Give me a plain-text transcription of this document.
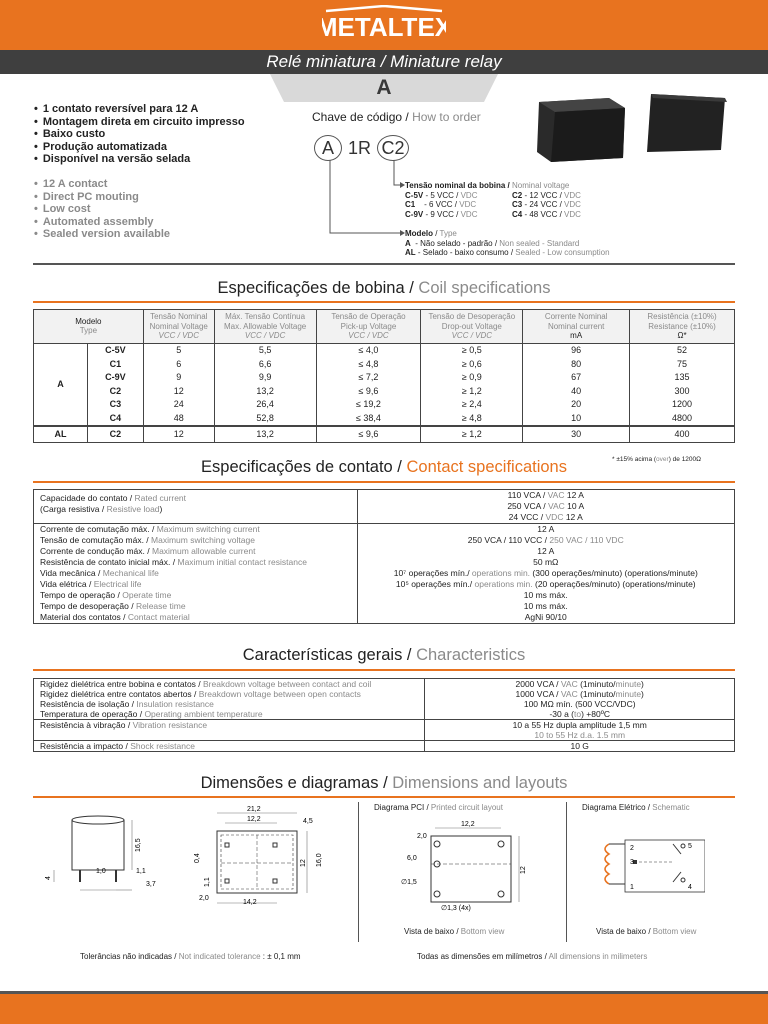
METALTEX
Relé miniatura / Miniature relay
A
• 1 contato reversível para 12 A
• Montagem direta em circuito impresso
• Baixo custo
• Produção automatizada
• Disponível na versão selada
• 12 A contact
• Direct PC mouting
• Low cost
• Automated assembly
• Sealed version available
Chave de código / How to order
A 1R C2
Tensão nominal da bobina / Nominal voltage
C-5V - 5 VCC / VDC	C2 - 12 VCC / VDC
C1    - 6 VCC / VDC	C3 - 24 VCC / VDC
C-9V - 9 VCC / VDC	C4 - 48 VCC / VDC
Modelo / Type
A  - Não selado - padrão / Non sealed - Standard
AL - Selado - baixo consumo / Sealed - Low consumption
Especificações de bobina / Coil specifications
Modelo
Type		Tensão Nominal
Nominal Voltage
VCC / VDC	Máx. Tensão Contínua
Max. Allowable Voltage
VCC / VDC	Tensão de Operação
Pick-up Voltage
VCC / VDC	Tensão de Desoperação
Drop-out Voltage
VCC / VDC	Corrente Nominal
Nominal current
mA	Resistência (±10%)
Resistance (±10%)
Ω*
A	C-5V	5	5,5	≤ 4,0	≥ 0,5	96	52
	C1	6	6,6	≤ 4,8	≥ 0,6	80	75
	C-9V	9	9,9	≤ 7,2	≥ 0,9	67	135
	C2	12	13,2	≤ 9,6	≥ 1,2	40	300
	C3	24	26,4	≤ 19,2	≥ 2,4	20	1200
	C4	48	52,8	≤ 38,4	≥ 4,8	10	4800
AL	C2	12	13,2	≤ 9,6	≥ 1,2	30	400
* ±15% acima (over) de 1200Ω
Especificações de contato / Contact specifications
Capacidade do contato / Rated current
(Carga resistiva / Resistive load)	110 VCA / VAC 12 A
250 VCA / VAC 10 A
24 VCC / VDC 12 A
Corrente de comutação máx. / Maximum switching current	12 A
Tensão de comutação máx. / Maximum switching voltage	250 VCA / 110 VCC / 250 VAC / 110 VDC
Corrente de condução máx. / Maximum allowable current	12 A
Resistência de contato inicial máx. / Maximum initial contact resistance	50 mΩ
Vida mecânica / Mechanical life	10⁷ operações mín./ operations min. (300 operações/minuto) (operations/minute)
Vida elétrica / Electrical life	10⁵ operações mín./ operations min. (20 operações/minuto) (operations/minute)
Tempo de operação / Operate time	10 ms máx.
Tempo de desoperação / Release time	10 ms máx.
Material dos contatos / Contact material	AgNi 90/10
Características gerais / Characteristics
Rigidez dielétrica entre bobina e contatos / Breakdown voltage between contact and coil	2000 VCA / VAC (1minuto/minute)
Rigidez dielétrica entre contatos abertos / Breakdown voltage between open contacts	1000 VCA / VAC (1minuto/minute)
Resistência de isolação / Insulation resistance	100 MΩ mín. (500 VCC/VDC)
Temperatura de operação / Operating ambient temperature	-30 a (to) +80ºC
Resistência à vibração / Vibration resistance	10 a 55 Hz dupla amplitude 1,5 mm
10 to 55 Hz d.a. 1.5 mm
Resistência a impacto / Shock resistance	10 G
Dimensões e diagramas / Dimensions and layouts
16,5
4
3,7
1,0	1,1
21,2
12,2	4,5
0,4
12 16,0
1,1
2,0
14,2
Diagrama PCI / Printed circuit layout	Diagrama Elétrico / Schematic
12,2
2,0
6,0
12
∅1,5
∅1,3 (4x)
Vista de baixo / Bottom view
2	5
3
1	4
Vista de baixo / Bottom view
Tolerâncias não indicadas / Not indicated tolerance : ± 0,1 mm	Todas as dimensões em milímetros / All dimensions in milimeters
